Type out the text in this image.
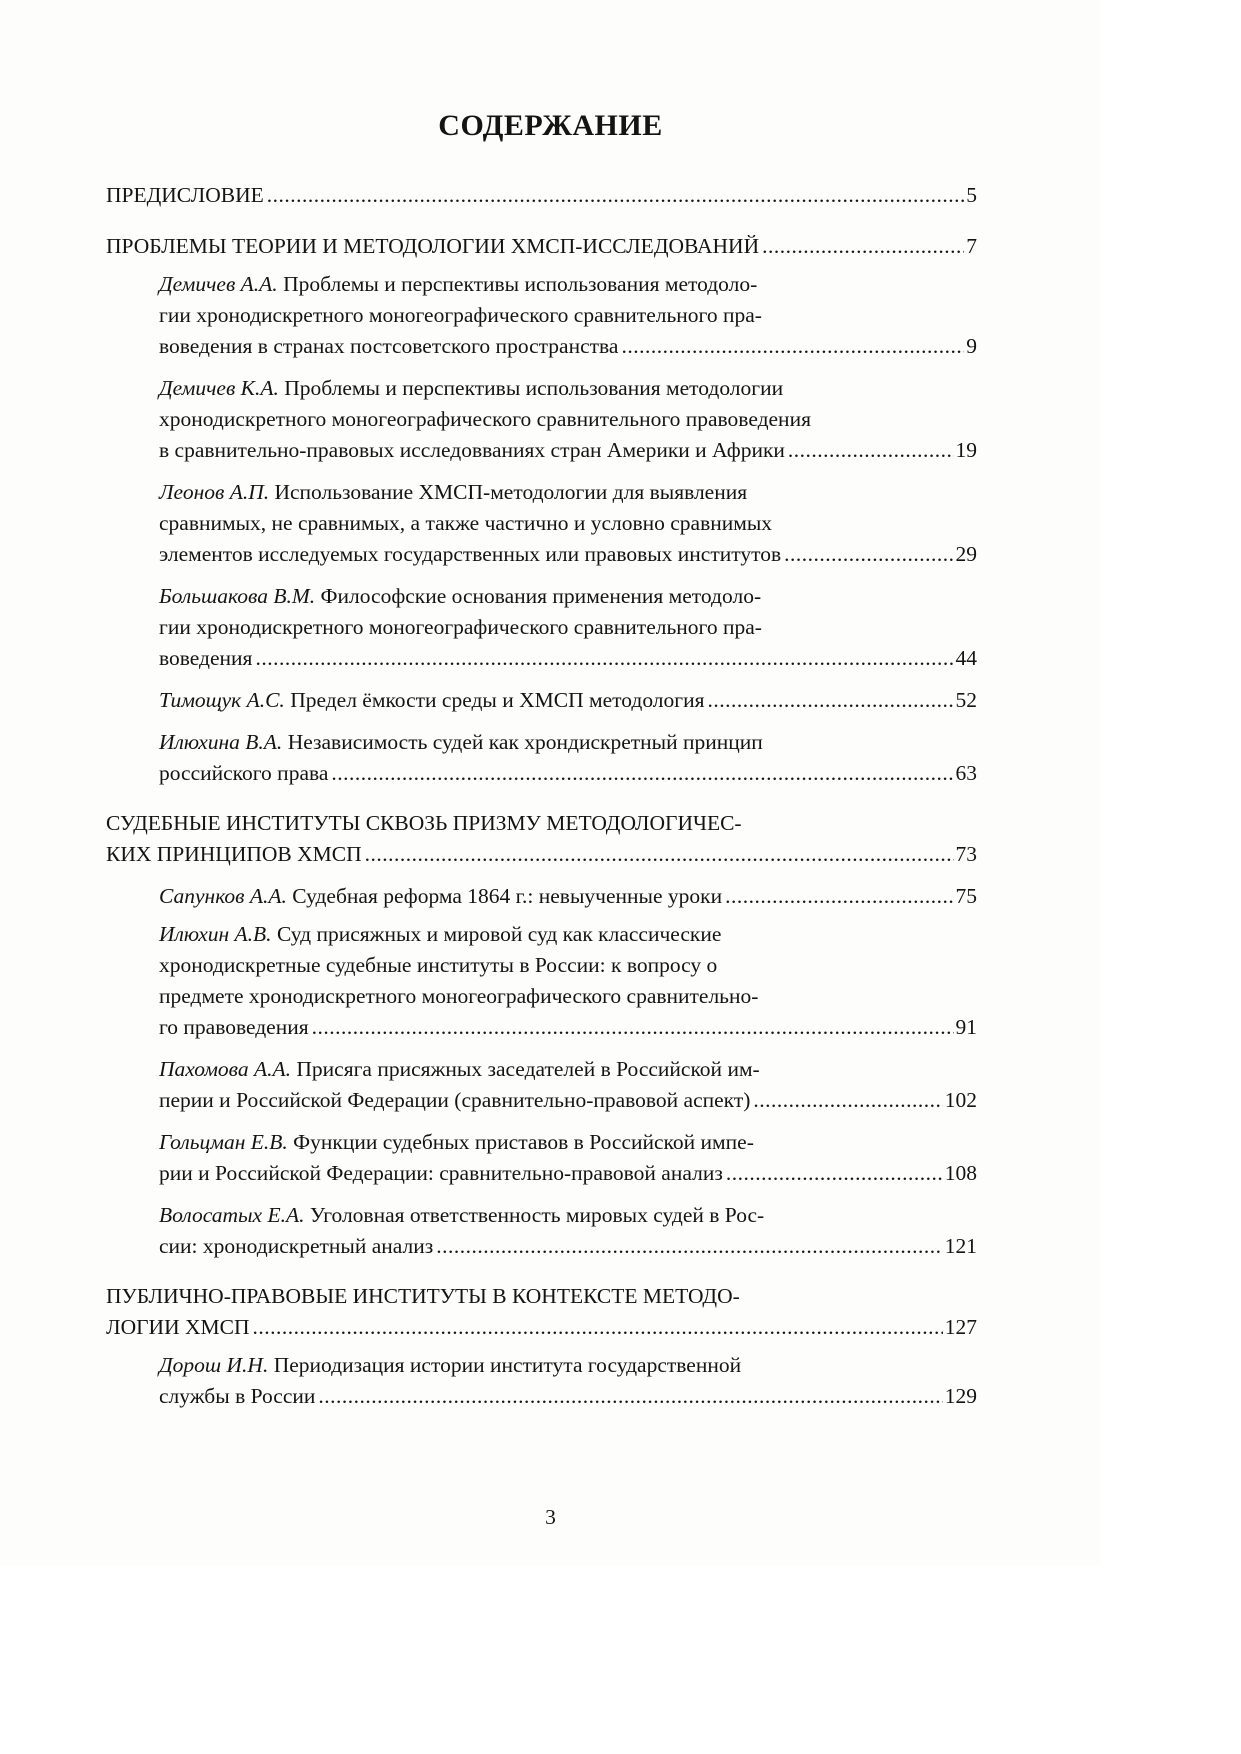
СОДЕРЖАНИЕ
ПРЕДИСЛОВИЕ .....	5
ПРОБЛЕМЫ ТЕОРИИ И МЕТОДОЛОГИИ ХМСП-ИССЛЕДОВАНИЙ .....	7
Демичев А.А. Проблемы и перспективы использования методоло-
гии хронодискретного моногеографического сравнительного пра-
воведения в странах постсоветского пространства .....	9
Демичев К.А. Проблемы и перспективы использования методологии
хронодискретного моногеографического сравнительного правоведения
в сравнительно-правовых исследовваниях стран Америки и Африки .....	19
Леонов А.П. Использование ХМСП-методологии для выявления
сравнимых, не сравнимых, а также частично и условно сравнимых
элементов исследуемых государственных или правовых институтов .....	29
Большакова В.М. Философские основания применения методоло-
гии хронодискретного моногеографического сравнительного пра-
воведения .....	44
Тимощук А.С.
Предел ёмкости среды и ХМСП методология .....	52
Илюхина В.А. Независимость судей как хрондискретный принцип
российского права .....	63
СУДЕБНЫЕ ИНСТИТУТЫ СКВОЗЬ ПРИЗМУ МЕТОДОЛОГИЧЕС-
КИХ ПРИНЦИПОВ ХМСП .....	73
Сапунков А.А.
Судебная реформа 1864 г.: невыученные уроки .....	75
Илюхин А.В. Суд присяжных и мировой суд как классические
хронодискретные судебные институты в России: к вопросу о
предмете хронодискретного моногеографического сравнительно-
го правоведения .....	91
Пахомова А.А. Присяга присяжных заседателей в Российской им-
перии и Российской Федерации (сравнительно-правовой аспект) .....	102
Гольцман Е.В. Функции судебных приставов в Российской импе-
рии и Российской Федерации: сравнительно-правовой анализ .....	108
Волосатых Е.А. Уголовная ответственность мировых судей в Рос-
сии: хронодискретный анализ .....	121
ПУБЛИЧНО-ПРАВОВЫЕ ИНСТИТУТЫ В КОНТЕКСТЕ МЕТОДО-
ЛОГИИ ХМСП .....	127
Дорош И.Н. Периодизация истории института государственной
службы в России .....	129
3
